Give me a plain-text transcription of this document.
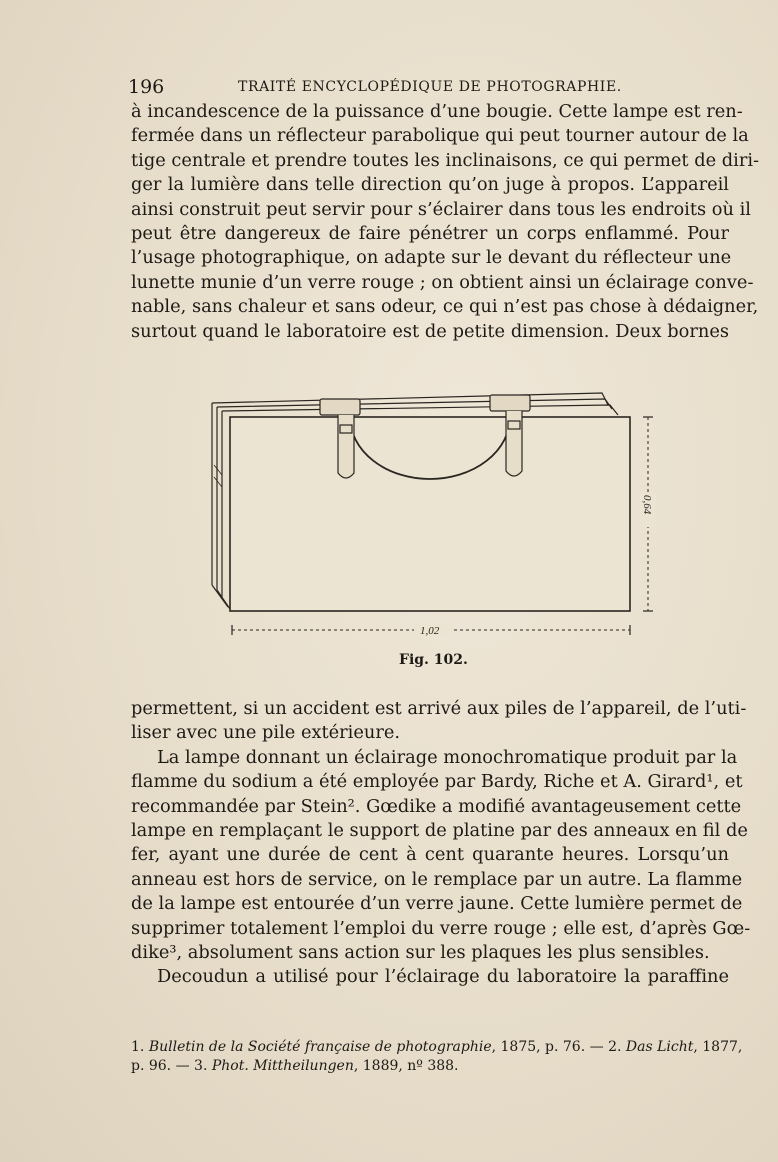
196	TRAITÉ ENCYCLOPÉDIQUE DE PHOTOGRAPHIE.
à incandescence de la puissance d’une bougie. Cette lampe est ren-
fermée dans un réflecteur parabolique qui peut tourner autour de la
tige centrale et prendre toutes les inclinaisons, ce qui permet de diri-
ger la lumière dans telle direction qu’on juge à propos. L’appareil
ainsi construit peut servir pour s’éclairer dans tous les endroits où il
peut être dangereux de faire pénétrer un corps enflammé. Pour
l’usage photographique, on adapte sur le devant du réflecteur une
lunette munie d’un verre rouge ; on obtient ainsi un éclairage conve-
nable, sans chaleur et sans odeur, ce qui n’est pas chose à dédaigner,
surtout quand le laboratoire est de petite dimension. Deux bornes
1,02
0,64
Fig. 102.
permettent, si un accident est arrivé aux piles de l’appareil, de l’uti-
liser avec une pile extérieure.
La lampe donnant un éclairage monochromatique produit par la
flamme du sodium a été employée par Bardy, Riche et A. Girard¹, et
recommandée par Stein². Gœdike a modifié avantageusement cette
lampe en remplaçant le support de platine par des anneaux en fil de
fer, ayant une durée de cent à cent quarante heures. Lorsqu’un
anneau est hors de service, on le remplace par un autre. La flamme
de la lampe est entourée d’un verre jaune. Cette lumière permet de
supprimer totalement l’emploi du verre rouge ; elle est, d’après Gœ-
dike³, absolument sans action sur les plaques les plus sensibles.
Decoudun a utilisé pour l’éclairage du laboratoire la paraffine
1. Bulletin de la Société française de photographie, 1875, p. 76. — 2. Das Licht, 1877,
p. 96. — 3. Phot. Mittheilungen, 1889, nº 388.
